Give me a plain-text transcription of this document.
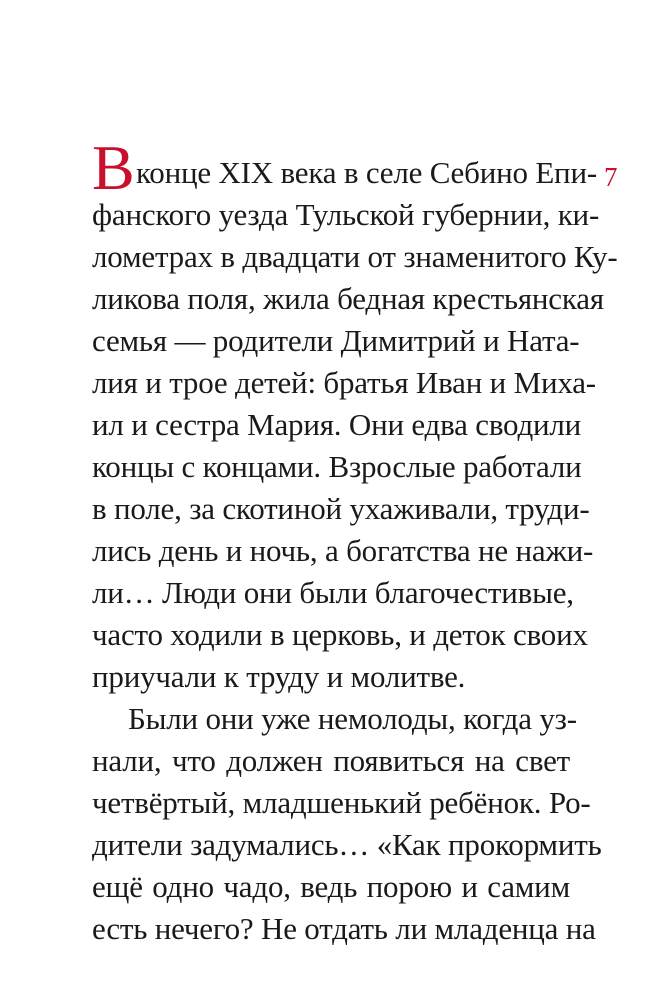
7
В конце XIX века в селе Себино Епи-
фанского уезда Тульской губернии, ки-
лометрах в двадцати от знаменитого Ку-
ликова поля, жила бедная крестьянская
семья — родители Димитрий и Ната-
лия и трое детей: братья Иван и Миха-
ил и сестра Мария. Они едва сводили
концы с концами. Взрослые работали
в поле, за скотиной ухаживали, труди-
лись день и ночь, а богатства не нажи-
ли… Люди они были благочестивые,
часто ходили в церковь, и деток своих
приучали к труду и молитве.
Были они уже немолоды, когда уз-
нали, что должен появиться на свет
четвёртый, младшенький ребёнок. Ро-
дители задумались… «Как прокормить
ещё одно чадо, ведь порою и самим
есть нечего? Не отдать ли младенца на
